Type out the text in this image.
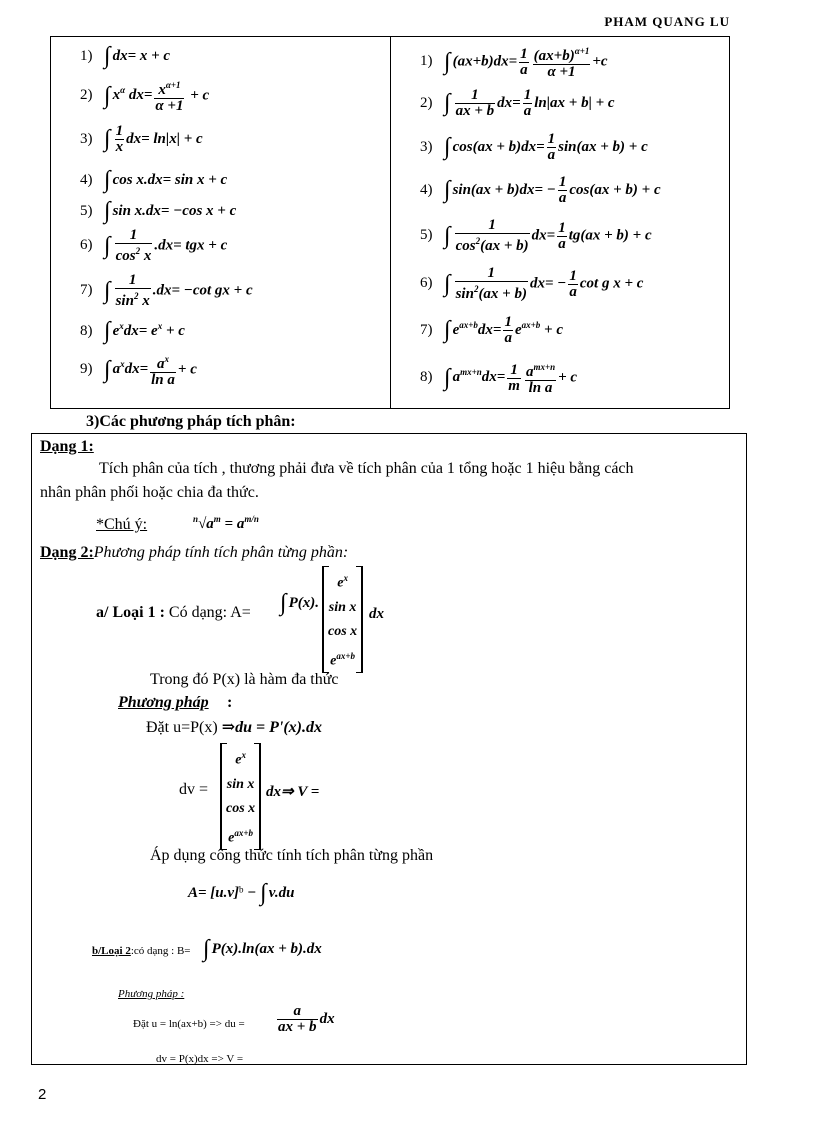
PHAM QUANG LU
1) ∫ dx= x + c
2) ∫ $x^\alpha$ $dx= \frac{x^{\alpha+1}}{\alpha +1} + c$
3) ∫ $\frac{1}{x} dx= \ln|x| + c$
4) ∫ cos x.dx= sin x + c
5) ∫ sin x.dx= −cos x + c
6) ∫ $\frac{1}{\cos^2 x} .dx=$ tgx + c
7) ∫ $\frac{1}{\sin^2 x} .dx= -\cot$ gx + c
8) ∫ $e^xdx= e^x + c$
9) ∫ $a^xdx= \frac{a^x}{\text{ln a}} + c$
1) ∫ $(ax+b)dx= \frac{1}{a} \frac{(ax+b)^{\alpha+1}}{\alpha +1} +c$
2) ∫ $\frac{1}{ax + b} dx= \frac{1}{a} \ln|ax + b| + c$
3) ∫ $\cos(ax + b)dx= \frac{1}{a} \sin(ax + b) + c$
4) ∫ $\sin(ax + b)dx= - \frac{1}{a} \cos(ax + b) + c$
5) ∫ $\frac{1}{\cos^2(ax + b)} dx= \frac{1}{a} tg(ax + b) + c$
6) ∫ $\frac{1}{\sin^2(ax + b)} dx= - \frac{1}{a}$ cot g x + c
7) ∫ $e^{ax+b}dx= \frac{1}{a} e^{ax+b} + c$
8) ∫ $a^{mx+n}dx= \frac{1}{m} \frac{a^{mx+n}}{\text{ln a}} + c$
3)Các phương pháp tích phân:
Dạng 1:
Tích phân của tích , thương phải đưa về tích phân của 1 tổng hoặc 1 hiệu bằng cách
nhân phân phối hoặc chia đa thức.
*Chú ý:	$^n√a^m = a^{m/n}$
Dạng 2:Phương pháp tính tích phân từng phần:
a/ Loại 1 : Có dạng: A= ∫ P(x).
$e^x$
sin x
cos x
$e^{ax+b}$
dx
Trong đó P(x) là hàm đa thức
Phương pháp :
Đặt u=P(x) ⇒du = P'(x).dx
dv =
$e^x$
sin x
cos x
$e^{ax+b}$
dx⇒ V =
Áp dụng công thức tính tích phân từng phần
$A= [u.v]^b$ − ∫ v.du
b/Loại 2:có dạng : B= ∫ P(x).ln(ax + b).dx
Phương pháp :
Đặt u = ln(ax+b) => du = $\frac{a}{ax + b}$ dx
dv = P(x)dx => V =
2
